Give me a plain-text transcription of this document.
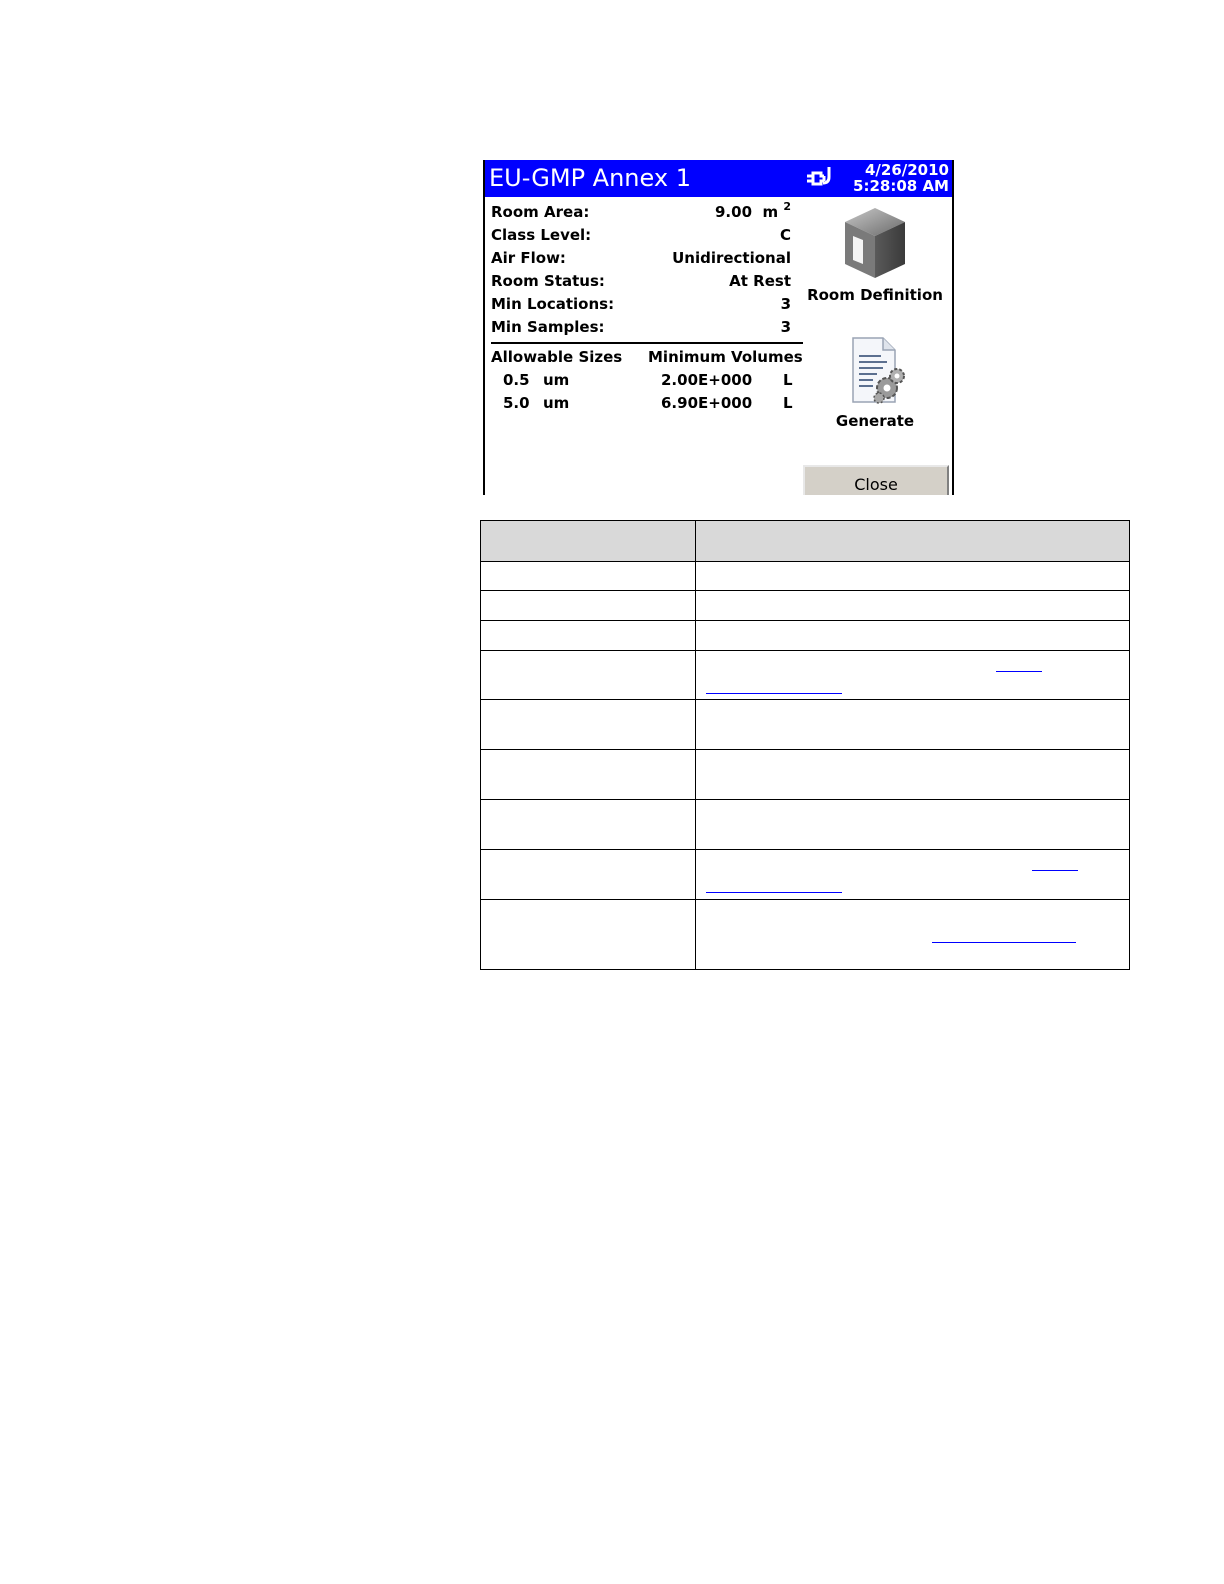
EU-GMP Annex 1	4/26/2010
5:28:08 AM
Room Area:	9.00 m $^2$
Class Level:	C
Air Flow:	Unidirectional
Room Status:	At Rest
Min Locations:	3
Min Samples:	3
Allowable Sizes Minimum Volumes
0.5 um	2.00E+000 L
5.0 um	6.90E+000 L
Room Definition
Generate
Close
